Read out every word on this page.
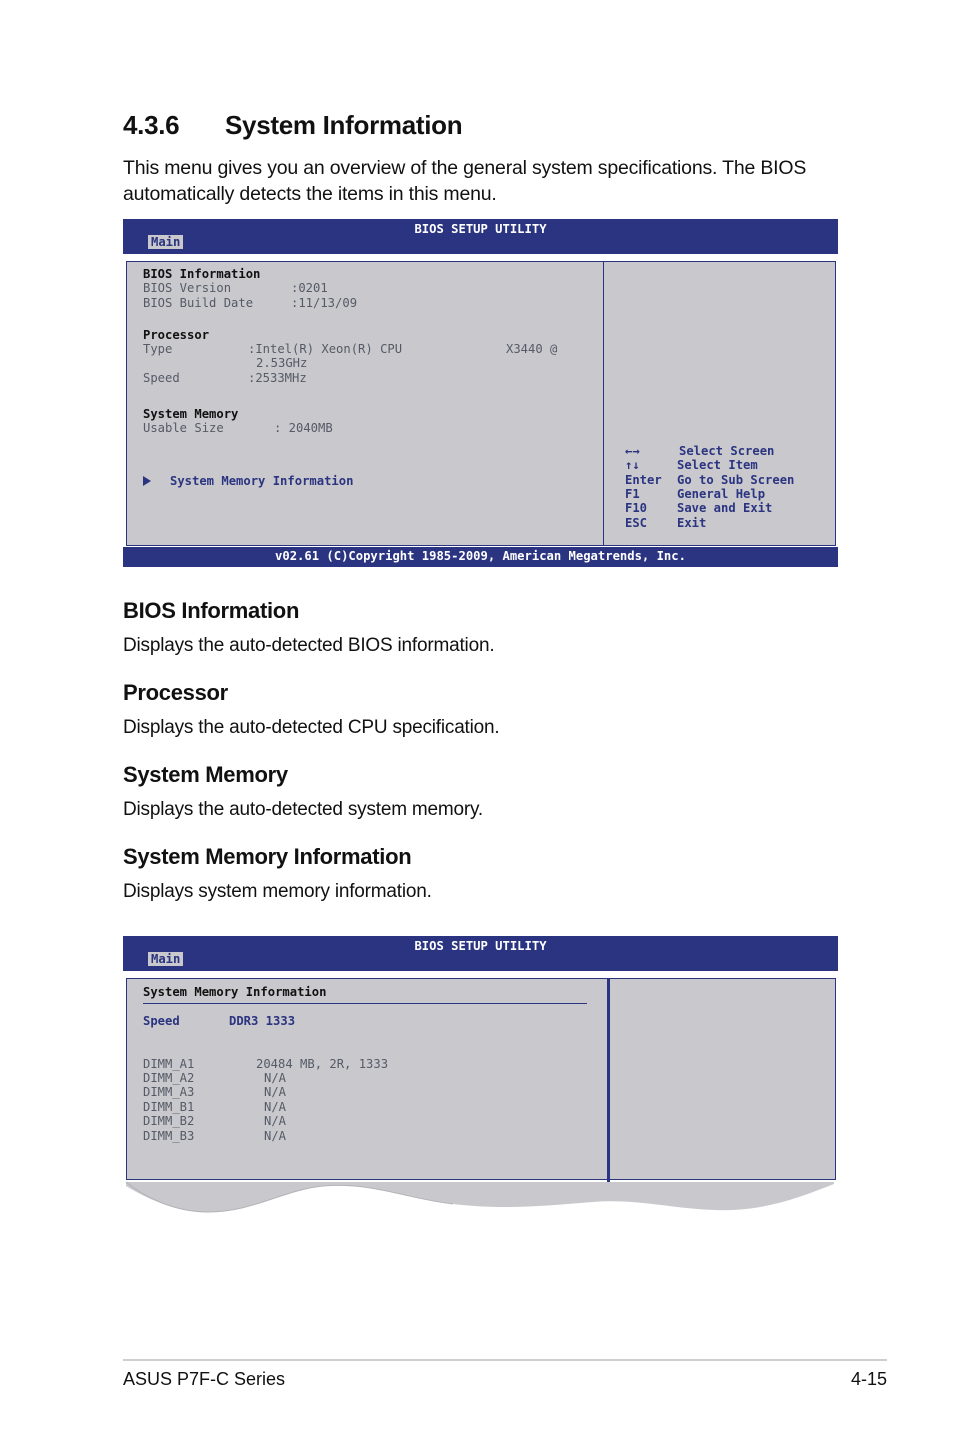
4.3.6 System Information
This menu gives you an overview of the general system specifications. The BIOS automatically detects the items in this menu.
BIOS SETUP UTILITY
Main
BIOS Information
BIOS Version	:0201
BIOS Build Date	:11/13/09
Processor
Type	:Intel(R) Xeon(R) CPU	X3440 @
2.53GHz
Speed	:2533MHz
System Memory
Usable Size	: 2040MB
System Memory Information
←→	Select Screen
↑↓	Select Item
Enter Go to Sub Screen
F1	General Help
F10 Save and Exit
ESC Exit
v02.61 (C)Copyright 1985-2009, American Megatrends, Inc.
BIOS Information
Displays the auto-detected BIOS information.
Processor
Displays the auto-detected CPU specification.
System Memory
Displays the auto-detected system memory.
System Memory Information
Displays system memory information.
BIOS SETUP UTILITY
Main
System Memory Information
Speed	DDR3 1333
DIMM_A1	20484 MB, 2R, 1333
DIMM_A2	N/A
DIMM_A3	N/A
DIMM_B1	N/A
DIMM_B2	N/A
DIMM_B3	N/A
ASUS P7F-C Series	4-15
